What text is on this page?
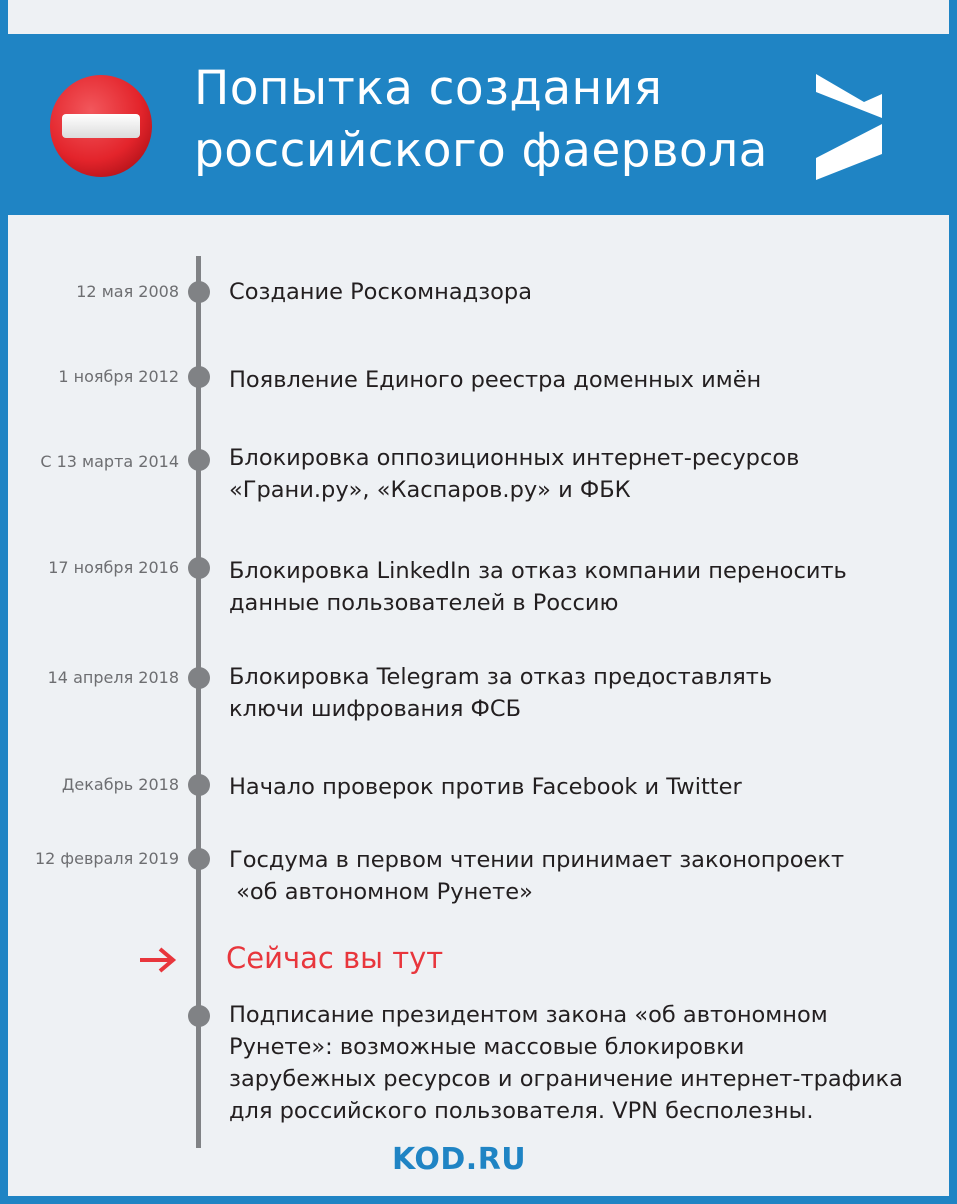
Попытка создания
российского фаервола
12 мая 2008 Создание Роскомнадзора
1 ноября 2012 Появление Единого реестра доменных имён
С 13 марта 2014 Блокировка оппозиционных интернет-ресурсов
«Грани.ру», «Каспаров.ру» и ФБК
17 ноября 2016 Блокировка LinkedIn за отказ компании переносить
данные пользователей в Россию
14 апреля 2018 Блокировка Telegram за отказ предоставлять
ключи шифрования ФСБ
Декабрь 2018 Начало проверок против Facebook и Twitter
12 февраля 2019 Госдума в первом чтении принимает законопроект
«об автономном Рунете»
Подписание президентом закона «об автономном
Рунете»: возможные массовые блокировки
зарубежных ресурсов и ограничение интернет-трафика
для российского пользователя. VPN бесполезны.
Сейчас вы тут
KOD.RU
